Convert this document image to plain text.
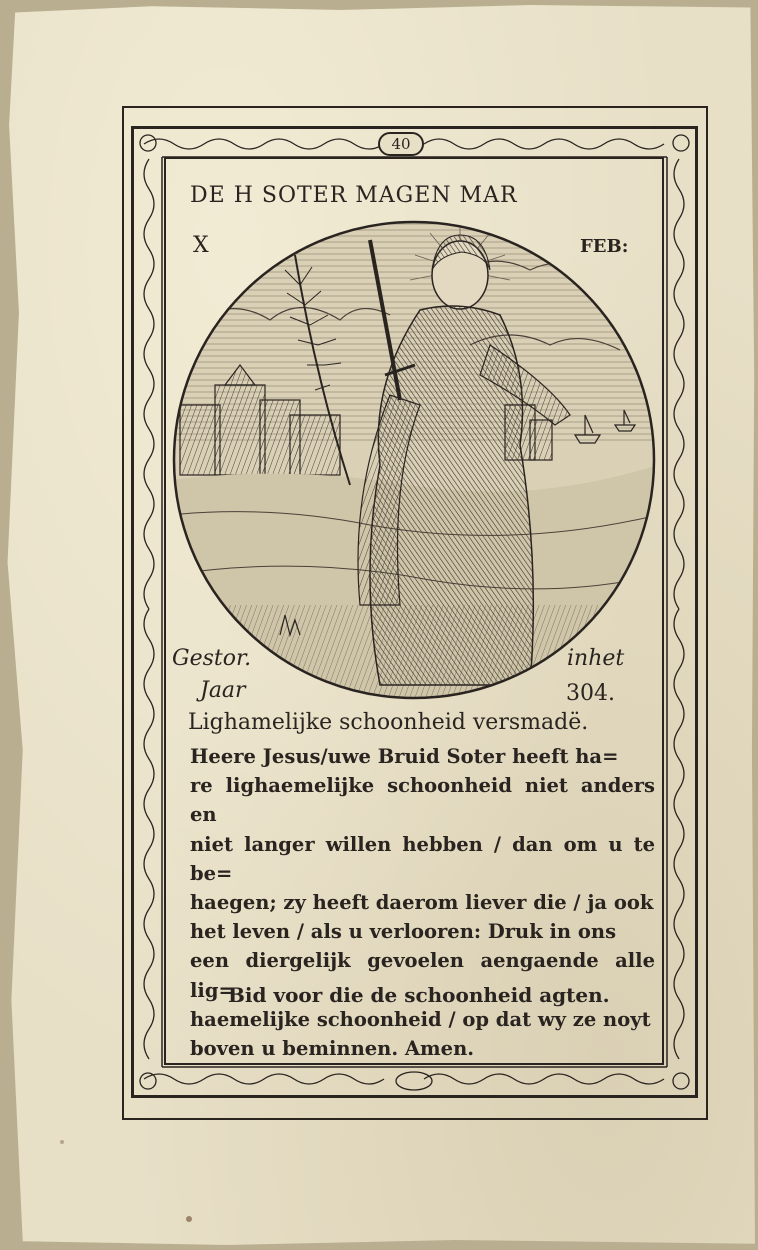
40
DE H SOTER MAGEN MAR
X	FEB:
Gestor.	inhet
Jaar	304.
Lighamelijke schoonheid versmadë.
Heere Jesus/uwe Bruid Soter heeft ha=
re lighaemelijke schoonheid niet anders en
niet langer willen hebben / dan om u te be=
haegen; zy heeft daerom liever die / ja ook
het leven / als u verlooren: Druk in ons
een diergelijk gevoelen aengaende alle lig=
haemelijke schoonheid / op dat wy ze noyt
boven u beminnen. Amen.
Bid voor die de schoonheid agten.
